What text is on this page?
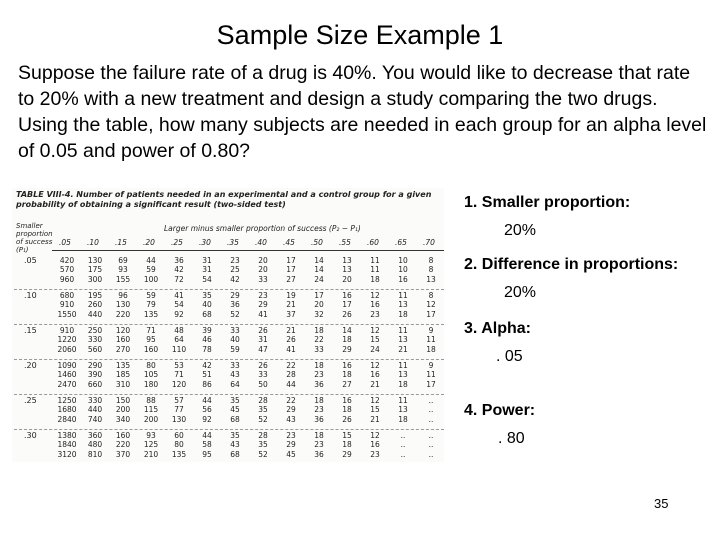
Sample Size Example 1
Suppose the failure rate of a drug is 40%. You would like to decrease that rate to 20% with a new treatment and design a study comparing the two drugs. Using the table, how many subjects are needed in each group for an alpha level of 0.05 and power of 0.80?
TABLE VIII-4. Number of patients needed in an experimental and a control group for a given probability of obtaining a significant result (two-sided test)
Smaller proportion of success (P₁)
Larger minus smaller proportion of success (P₂ − P₁)
.05	.10	.15	.20	.25	.30	.35	.40	.45	.50	.55	.60	.65	.70
.05	420	130	69	44	36	31	23	20	17	14	13	11	10	8
570	175	93	59	42	31	25	20	17	14	13	11	10	8
960	300	155	100	72	54	42	33	27	24	20	18	16	13
.10	680	195	96	59	41	35	29	23	19	17	16	12	11	8
910	260	130	79	54	40	36	29	21	20	17	16	13	12
1550	440	220	135	92	68	52	41	37	32	26	23	18	17
.15	910	250	120	71	48	39	33	26	21	18	14	12	11	9
1220	330	160	95	64	46	40	31	26	22	18	15	13	11
2060	560	270	160	110	78	59	47	41	33	29	24	21	18
.20	1090	290	135	80	53	42	33	26	22	18	16	12	11	9
1460	390	185	105	71	51	43	33	28	23	18	16	13	11
2470	660	310	180	120	86	64	50	44	36	27	21	18	17
.25	1250	330	150	88	57	44	35	28	22	18	16	12	11	..
1680	440	200	115	77	56	45	35	29	23	18	15	13	..
2840	740	340	200	130	92	68	52	43	36	26	21	18	..
.30	1380	360	160	93	60	44	35	28	23	18	15	12	..	..
1840	480	220	125	80	58	43	35	29	23	18	16	..	..
3120	810	370	210	135	95	68	52	45	36	29	23	..	..
1. Smaller proportion:
20%
2. Difference in proportions:
20%
3. Alpha:
. 05
4. Power:
. 80
35
